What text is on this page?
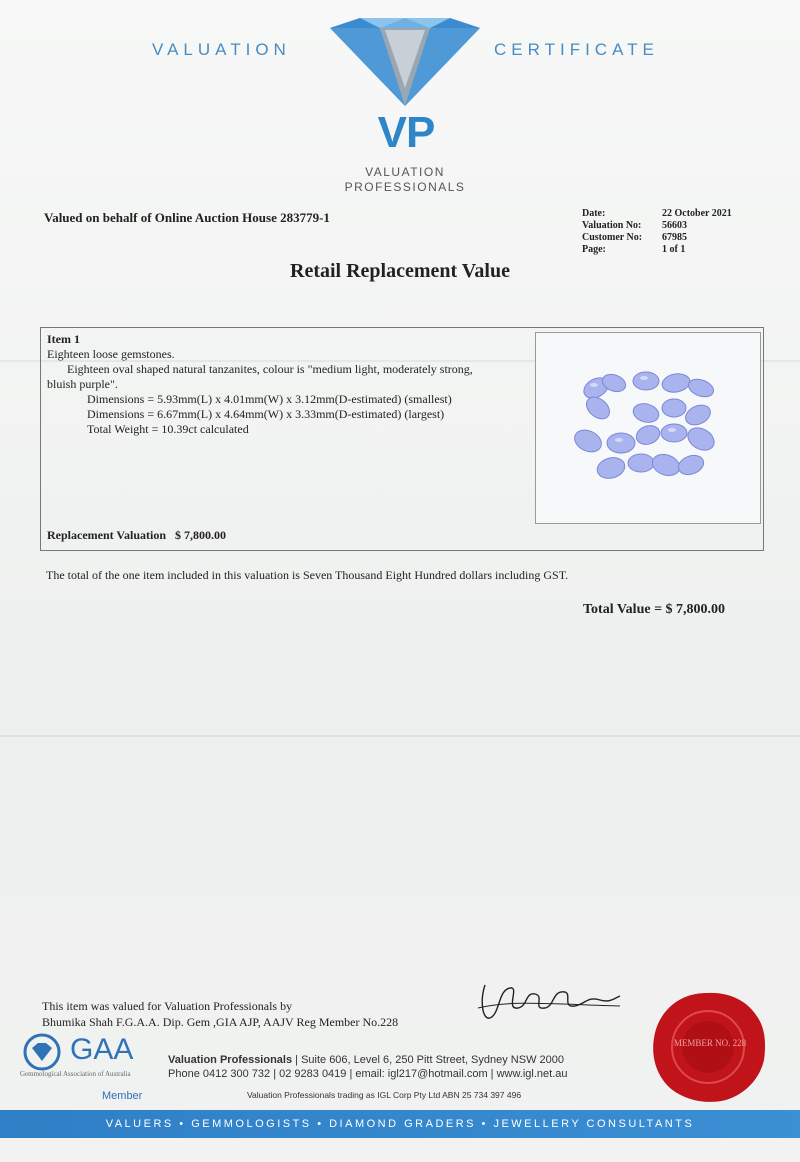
VALUATION	CERTIFICATE
VP
VALUATION
PROFESSIONALS
Valued on behalf of Online Auction House 283779-1	Date:	22 October 2021
Valuation No:	56603
Customer No:	67985
Page:	1 of 1
Retail Replacement Value
Item 1
Eighteen loose gemstones.
Eighteen oval shaped natural tanzanites, colour is "medium light, moderately strong,
bluish purple".
Dimensions = 5.93mm(L) x 4.01mm(W) x 3.12mm(D-estimated) (smallest)
Dimensions = 6.67mm(L) x 4.64mm(W) x 3.33mm(D-estimated) (largest)
Total Weight = 10.39ct calculated
Replacement Valuation $ 7,800.00
The total of the one item included in this valuation is Seven Thousand Eight Hundred dollars including GST.
Total Value = $ 7,800.00
This item was valued for Valuation Professionals by
Bhumika Shah F.G.A.A. Dip. Gem ,GIA AJP, AAJV Reg Member No.228
GAA
Gemmological Association of Australia
Member
Valuation Professionals | Suite 606, Level 6, 250 Pitt Street, Sydney NSW 2000
Phone 0412 300 732 | 02 9283 0419 | email: igl217@hotmail.com | www.igl.net.au
Valuation Professionals trading as IGL Corp Pty Ltd ABN 25 734 397 496
MEMBER NO. 228
VALUERS • GEMMOLOGISTS • DIAMOND GRADERS • JEWELLERY CONSULTANTS
